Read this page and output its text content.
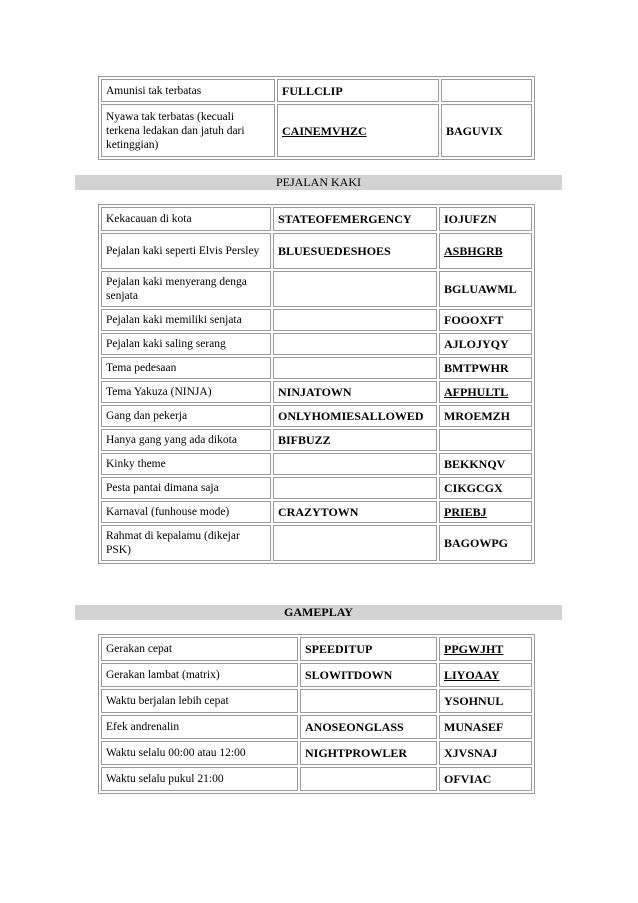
Amunisi tak terbatas	FULLCLIP	
Nyawa tak terbatas (kecuali terkena ledakan dan jatuh dari ketinggian)	CAINEMVHZC	BAGUVIX
PEJALAN KAKI
Kekacauan di kota	STATEOFEMERGENCY	IOJUFZN
Pejalan kaki seperti Elvis Persley	BLUESUEDESHOES	ASBHGRB
Pejalan kaki menyerang denga senjata		BGLUAWML
Pejalan kaki memiliki senjata		FOOOXFT
Pejalan kaki saling serang		AJLOJYQY
Tema pedesaan		BMTPWHR
Tema Yakuza (NINJA)	NINJATOWN	AFPHULTL
Gang dan pekerja	ONLYHOMIESALLOWED	MROEMZH
Hanya gang yang ada dikota	BIFBUZZ	
Kinky theme		BEKKNQV
Pesta pantai dimana saja		CIKGCGX
Karnaval (funhouse mode)	CRAZYTOWN	PRIEBJ
Rahmat di kepalamu (dikejar PSK)		BAGOWPG
GAMEPLAY
Gerakan cepat	SPEEDITUP	PPGWJHT
Gerakan lambat (matrix)	SLOWITDOWN	LIYOAAY
Waktu berjalan lebih cepat		YSOHNUL
Efek andrenalin	ANOSEONGLASS	MUNASEF
Waktu selalu 00:00 atau 12:00	NIGHTPROWLER	XJVSNAJ
Waktu selalu pukul 21:00		OFVIAC
